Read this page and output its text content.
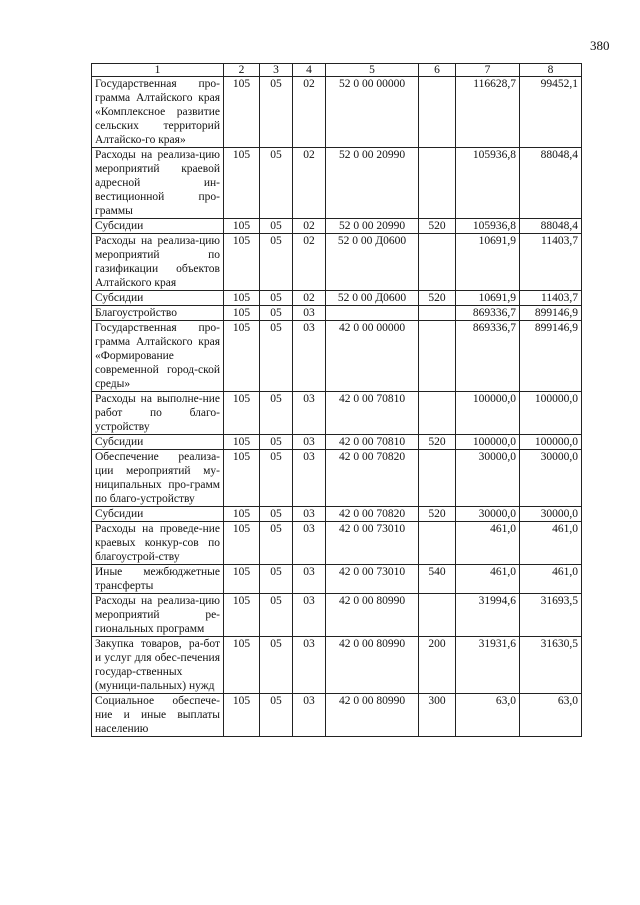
380
1	2	3	4	5	6	7	8
Государственная про-грамма Алтайского края «Комплексное развитие сельских территорий Алтайско-го края»	105	05	02	52 0 00 00000		116628,7	99452,1
Расходы на реализа-цию мероприятий краевой адресной ин-вестиционной про-граммы	105	05	02	52 0 00 20990		105936,8	88048,4
Субсидии	105	05	02	52 0 00 20990	520	105936,8	88048,4
Расходы на реализа-цию мероприятий по газификации объектов Алтайского края	105	05	02	52 0 00 Д0600		10691,9	11403,7
Субсидии	105	05	02	52 0 00 Д0600	520	10691,9	11403,7
Благоустройство	105	05	03			869336,7	899146,9
Государственная про-грамма Алтайского края «Формирование современной город-ской среды»	105	05	03	42 0 00 00000		869336,7	899146,9
Расходы на выполне-ние работ по благо-устройству	105	05	03	42 0 00 70810		100000,0	100000,0
Субсидии	105	05	03	42 0 00 70810	520	100000,0	100000,0
Обеспечение реализа-ции мероприятий му-ниципальных про-грамм по благо-устройству	105	05	03	42 0 00 70820		30000,0	30000,0
Субсидии	105	05	03	42 0 00 70820	520	30000,0	30000,0
Расходы на проведе-ние краевых конкур-сов по благоустрой-ству	105	05	03	42 0 00 73010		461,0	461,0
Иные межбюджетные трансферты	105	05	03	42 0 00 73010	540	461,0	461,0
Расходы на реализа-цию мероприятий ре-гиональных программ	105	05	03	42 0 00 80990		31994,6	31693,5
Закупка товаров, ра-бот и услуг для обес-печения государ-ственных (муници-пальных) нужд	105	05	03	42 0 00 80990	200	31931,6	31630,5
Социальное обеспече-ние и иные выплаты населению	105	05	03	42 0 00 80990	300	63,0	63,0
